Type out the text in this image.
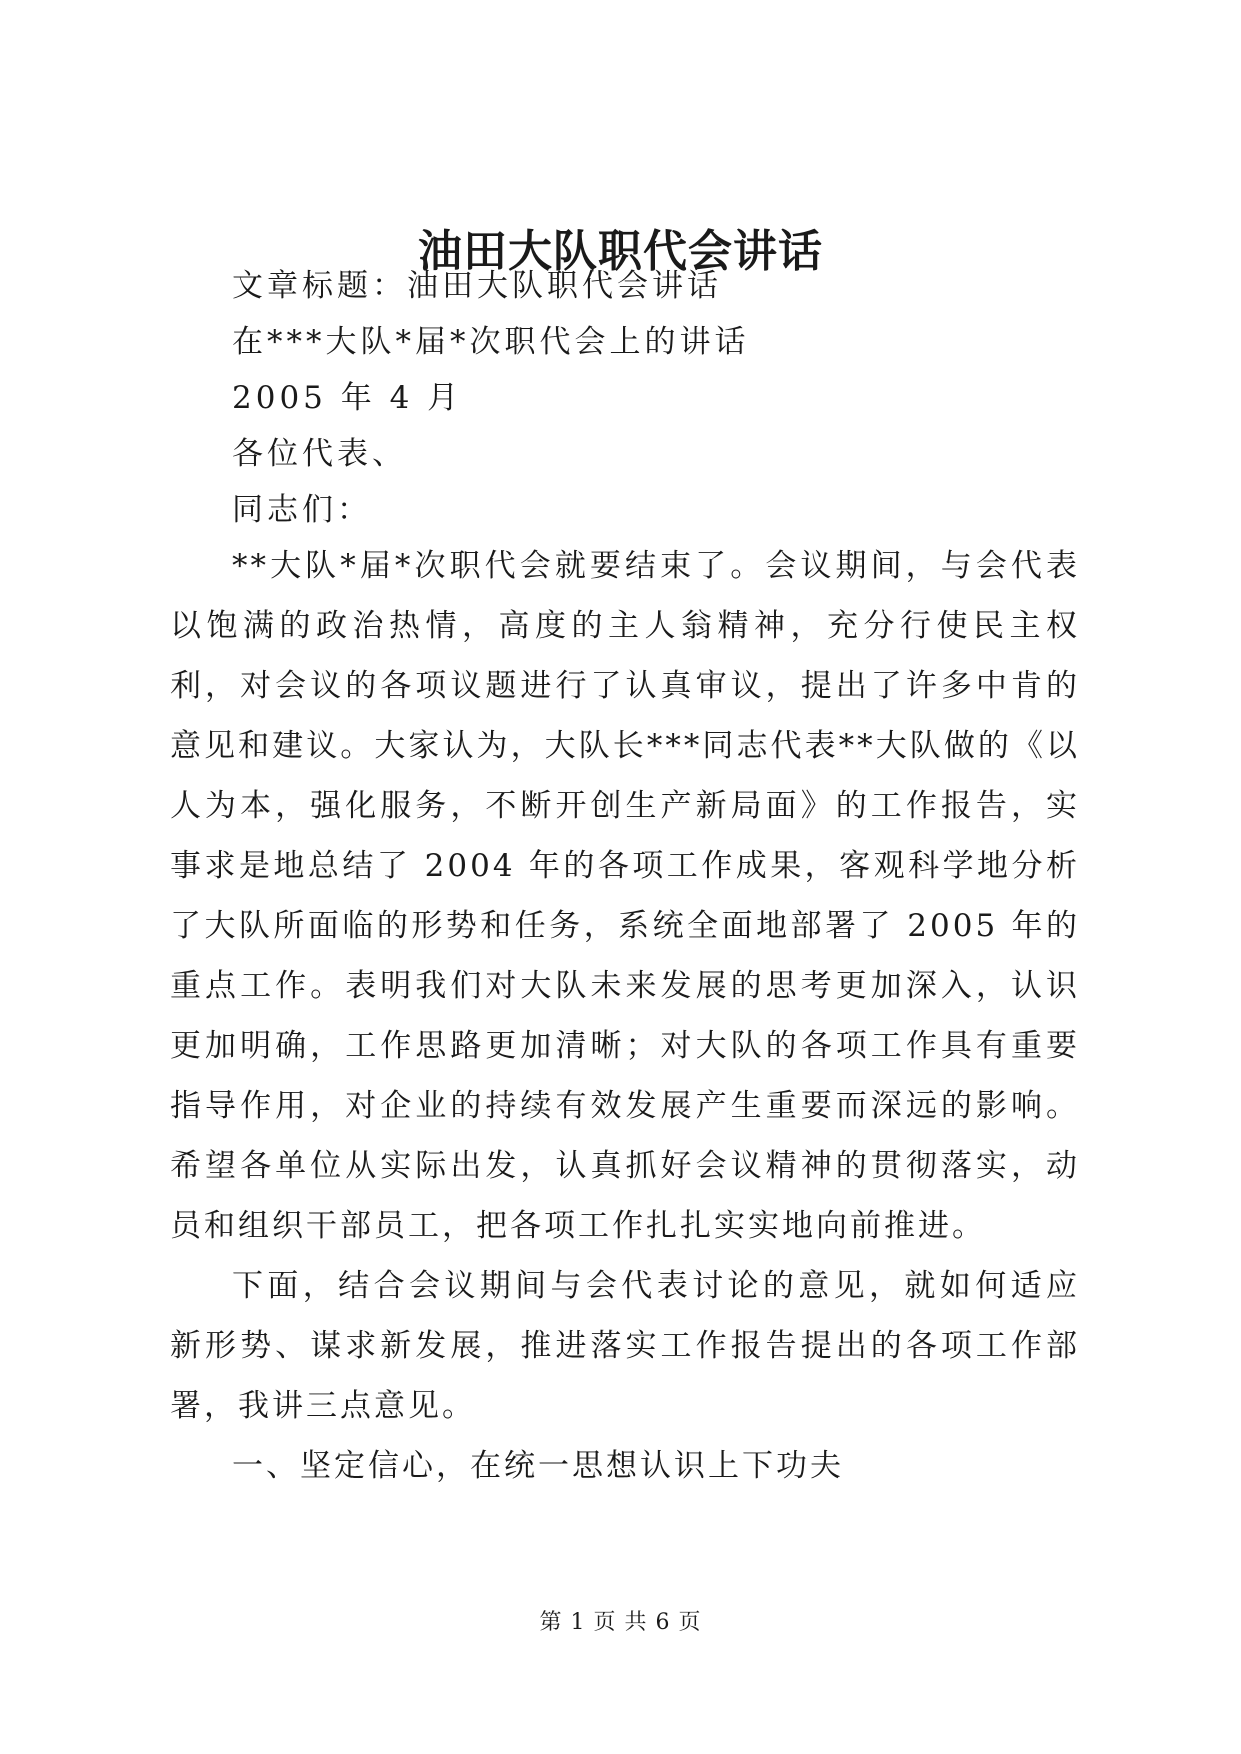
油田大队职代会讲话
文章标题：油田大队职代会讲话
在***大队*届*次职代会上的讲话
2005 年 4 月
各位代表、
同志们：

**大队*届*次职代会就要结束了。会议期间，与会代表以饱满的政治热情，高度的主人翁精神，充分行使民主权利，对会议的各项议题进行了认真审议，提出了许多中肯的意见和建议。大家认为，大队长***同志代表**大队做的《以人为本，强化服务，不断开创生产新局面》的工作报告，实事求是地总结了 2004 年的各项工作成果，客观科学地分析了大队所面临的形势和任务，系统全面地部署了 2005 年的重点工作。表明我们对大队未来发展的思考更加深入，认识更加明确，工作思路更加清晰；对大队的各项工作具有重要指导作用，对企业的持续有效发展产生重要而深远的影响。希望各单位从实际出发，认真抓好会议精神的贯彻落实，动员和组织干部员工，把各项工作扎扎实实地向前推进。

下面，结合会议期间与会代表讨论的意见，就如何适应新形势、谋求新发展，推进落实工作报告提出的各项工作部署，我讲三点意见。

一、坚定信心，在统一思想认识上下功夫

第 1 页 共 6 页
